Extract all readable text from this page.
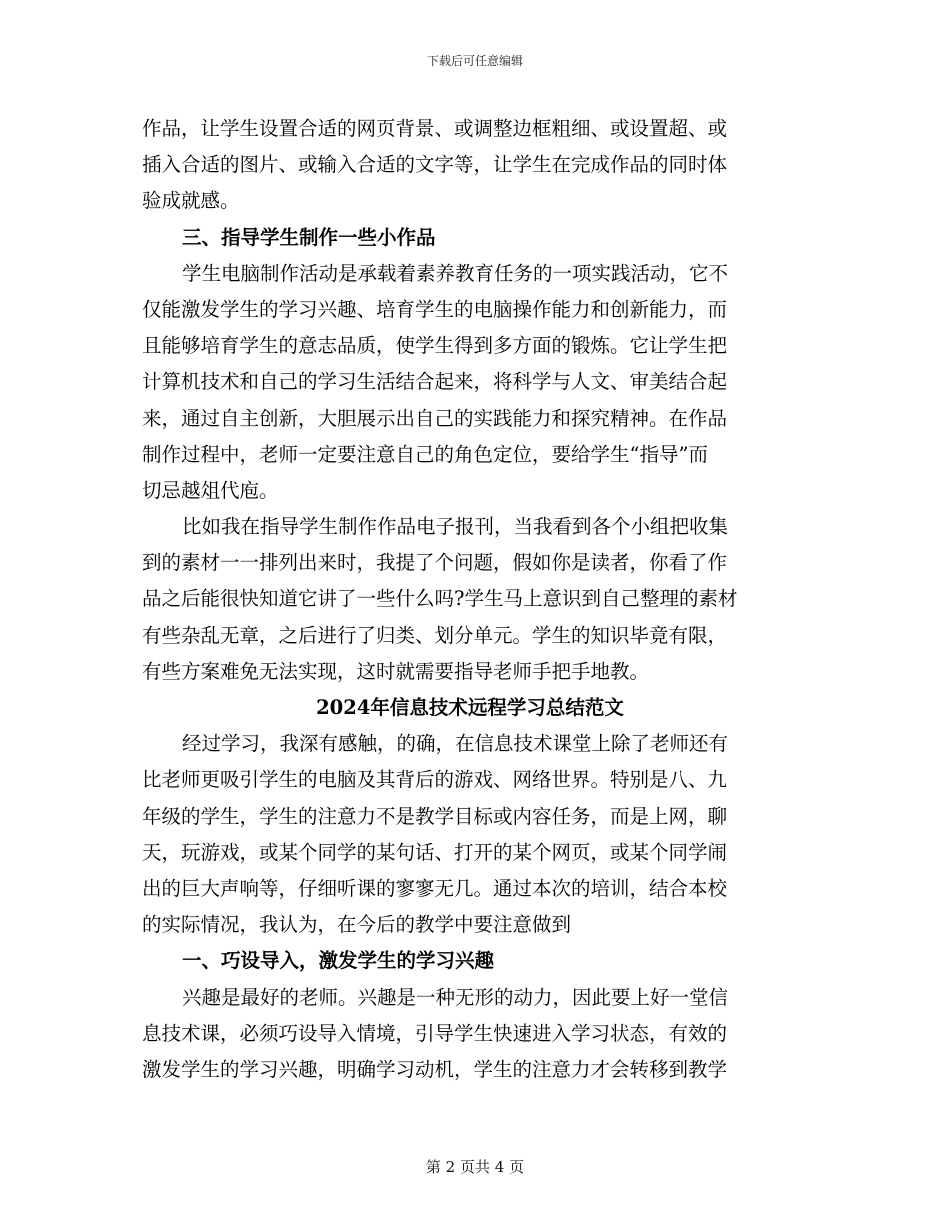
下载后可任意编辑
作品，让学生设置合适的网页背景、或调整边框粗细、或设置超、或
插入合适的图片、或输入合适的文字等，让学生在完成作品的同时体
验成就感。
三、指导学生制作一些小作品
学生电脑制作活动是承载着素养教育任务的一项实践活动，它不
仅能激发学生的学习兴趣、培育学生的电脑操作能力和创新能力，而
且能够培育学生的意志品质，使学生得到多方面的锻炼。它让学生把
计算机技术和自己的学习生活结合起来，将科学与人文、审美结合起
来，通过自主创新，大胆展示出自己的实践能力和探究精神。在作品
制作过程中，老师一定要注意自己的角色定位，要给学生“指导”而
切忌越俎代庖。
比如我在指导学生制作作品电子报刊，当我看到各个小组把收集
到的素材一一排列出来时，我提了个问题，假如你是读者，你看了作
品之后能很快知道它讲了一些什么吗?学生马上意识到自己整理的素材
有些杂乱无章，之后进行了归类、划分单元。学生的知识毕竟有限，
有些方案难免无法实现，这时就需要指导老师手把手地教。
2024年信息技术远程学习总结范文
经过学习，我深有感触，的确，在信息技术课堂上除了老师还有
比老师更吸引学生的电脑及其背后的游戏、网络世界。特别是八、九
年级的学生，学生的注意力不是教学目标或内容任务，而是上网，聊
天，玩游戏，或某个同学的某句话、打开的某个网页，或某个同学闹
出的巨大声响等，仔细听课的寥寥无几。通过本次的培训，结合本校
的实际情况，我认为，在今后的教学中要注意做到
一、巧设导入，激发学生的学习兴趣
兴趣是最好的老师。兴趣是一种无形的动力，因此要上好一堂信
息技术课，必须巧设导入情境，引导学生快速进入学习状态，有效的
激发学生的学习兴趣，明确学习动机，学生的注意力才会转移到教学
第 2 页共 4 页
